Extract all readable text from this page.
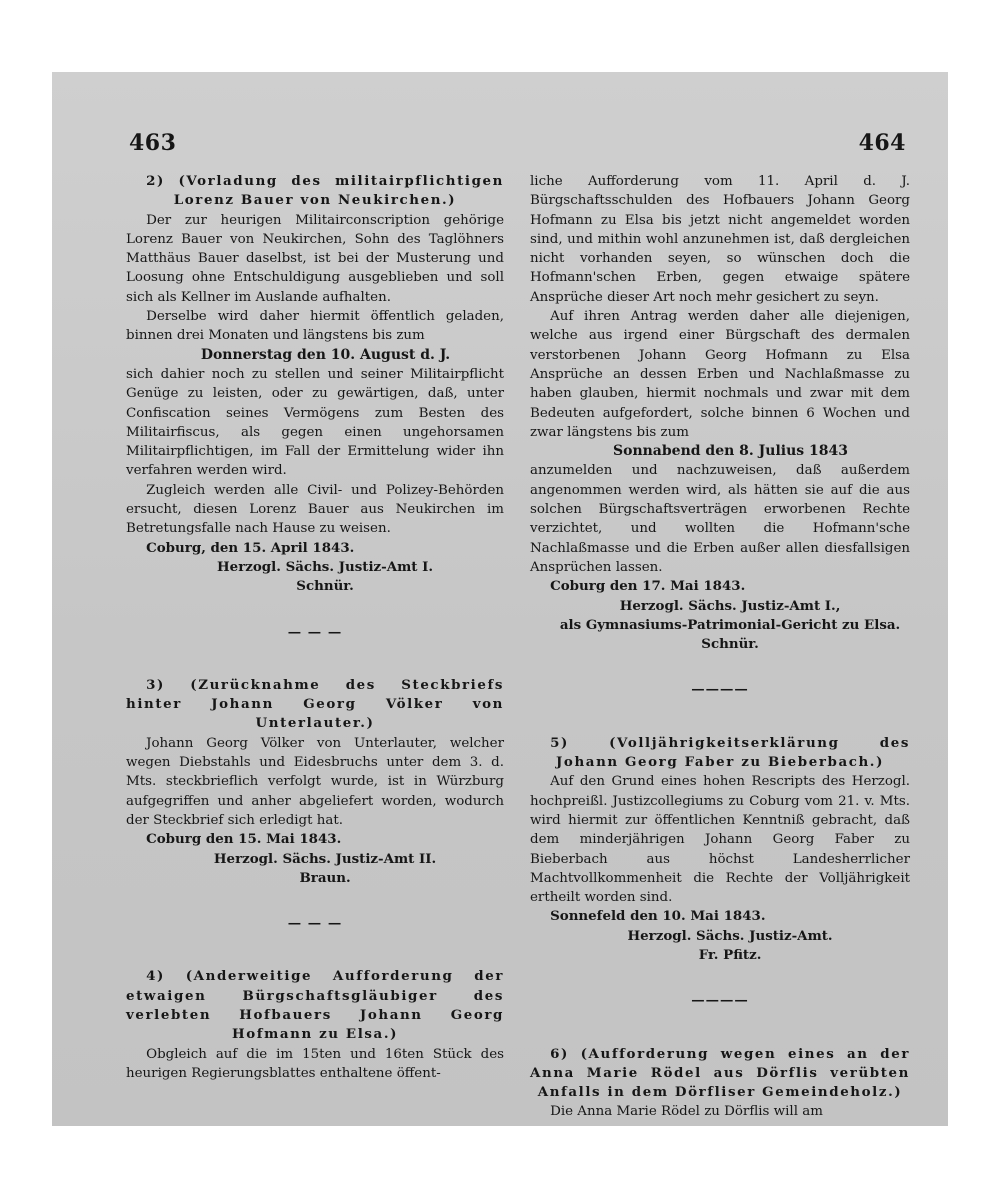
463	464

2) (Vorladung des militairpflichtigen Lorenz Bauer von Neukirchen.)

Der zur heurigen Militairconscription gehörige Lorenz Bauer von Neukirchen, Sohn des Taglöhners Matthäus Bauer daselbst, ist bei der Musterung und Loosung ohne Entschuldigung ausgeblieben und soll sich als Kellner im Auslande aufhalten.

Derselbe wird daher hiermit öffentlich geladen, binnen drei Monaten und längstens bis zum

Donnerstag den 10. August d. J.

sich dahier noch zu stellen und seiner Militairpflicht Genüge zu leisten, oder zu gewärtigen, daß, unter Confiscation seines Vermögens zum Besten des Militairfiscus, als gegen einen ungehorsamen Militairpflichtigen, im Fall der Ermittelung wider ihn verfahren werden wird.

Zugleich werden alle Civil- und Polizey-Behörden ersucht, diesen Lorenz Bauer aus Neukirchen im Betretungsfalle nach Hause zu weisen.

Coburg, den 15. April 1843.

Herzogl. Sächs. Justiz-Amt I.

Schnür.

— — —

3) (Zurücknahme des Steckbriefs hinter Johann Georg Völker von Unterlauter.)

Johann Georg Völker von Unterlauter, welcher wegen Diebstahls und Eidesbruchs unter dem 3. d. Mts. steckbrieflich verfolgt wurde, ist in Würzburg aufgegriffen und anher abgeliefert worden, wodurch der Steckbrief sich erledigt hat.

Coburg den 15. Mai 1843.

Herzogl. Sächs. Justiz-Amt II.

Braun.

— — —

4) (Anderweitige Aufforderung der etwaigen Bürgschaftsgläubiger des verlebten Hofbauers Johann Georg Hofmann zu Elsa.)

Obgleich auf die im 15ten und 16ten Stück des heurigen Regierungsblattes enthaltene öffent-

liche Aufforderung vom 11. April d. J. Bürgschaftsschulden des Hofbauers Johann Georg Hofmann zu Elsa bis jetzt nicht angemeldet worden sind, und mithin wohl anzunehmen ist, daß dergleichen nicht vorhanden seyen, so wünschen doch die Hofmann'schen Erben, gegen etwaige spätere Ansprüche dieser Art noch mehr gesichert zu seyn.

Auf ihren Antrag werden daher alle diejenigen, welche aus irgend einer Bürgschaft des dermalen verstorbenen Johann Georg Hofmann zu Elsa Ansprüche an dessen Erben und Nachlaßmasse zu haben glauben, hiermit nochmals und zwar mit dem Bedeuten aufgefordert, solche binnen 6 Wochen und zwar längstens bis zum

Sonnabend den 8. Julius 1843

anzumelden und nachzuweisen, daß außerdem angenommen werden wird, als hätten sie auf die aus solchen Bürgschaftsverträgen erworbenen Rechte verzichtet, und wollten die Hofmann'sche Nachlaßmasse und die Erben außer allen diesfallsigen Ansprüchen lassen.

Coburg den 17. Mai 1843.

Herzogl. Sächs. Justiz-Amt I.,

als Gymnasiums-Patrimonial-Gericht zu Elsa.

Schnür.

————

5) (Volljährigkeitserklärung des Johann Georg Faber zu Bieberbach.)

Auf den Grund eines hohen Rescripts des Herzogl. hochpreißl. Justizcollegiums zu Coburg vom 21. v. Mts. wird hiermit zur öffentlichen Kenntniß gebracht, daß dem minderjährigen Johann Georg Faber zu Bieberbach aus höchst Landesherrlicher Machtvollkommenheit die Rechte der Volljährigkeit ertheilt worden sind.

Sonnefeld den 10. Mai 1843.

Herzogl. Sächs. Justiz-Amt.

Fr. Pfitz.

————

6) (Aufforderung wegen eines an der Anna Marie Rödel aus Dörflis verübten Anfalls in dem Dörfliser Gemeindeholz.)

Die Anna Marie Rödel zu Dörflis will am
